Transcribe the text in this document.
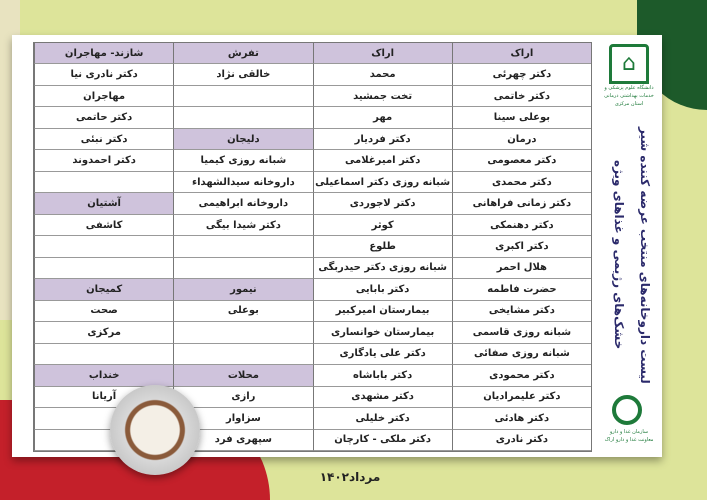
اراک
اراک
تفرش
شازند- مهاجران
دکتر چهرئی
محمد
خالقی نژاد
دکتر نادری نیا
دکتر خاتمی
تخت جمشید
مهاجران
بوعلی سینا
مهر
دکتر حاتمی
درمان
دکتر فردیار
دلیجان
دکتر نبئی
دکتر معصومی
دکتر امیرغلامی
شبانه روزی کیمیا
دکتر احمدوند
دکتر محمدی
شبانه روزی دکتر اسماعیلی
داروخانه سیدالشهداء
دکتر زمانی فراهانی
دکتر لاجوردی
داروخانه ابراهیمی
آشتیان
دکتر دهنمکی
کوثر
دکتر شیدا بیگی
کاشفی
دکتر اکبری
طلوع
هلال احمر
شبانه روزی دکتر حیدربگی
حضرت فاطمه
دکتر بابایی
نیمور
کمیجان
دکتر مشایخی
بیمارستان امیرکبیر
بوعلی
صحت
شبانه روزی قاسمی
بیمارستان خوانساری
مرکزی
شبانه روزی صفائی
دکتر علی یادگاری
دکتر محمودی
دکتر باباشاه
محلات
خنداب
دکتر علیمرادیان
دکتر مشهدی
رازی
آریانا
دکتر هادئی
دکتر خلیلی
سزاوار
دکتر نادری
دکتر ملکی - کارچان
سپهری فرد
⌂
دانشگاه علوم پزشکی و خدمات بهداشتی درمانی استان مرکزی
لیست داروخانه‌های منتخب عرضه کننده شیر خشک‌های رژیمی و غذاهای ویژه
سازمان غذا و دارو
معاونت غذا و دارو اراک
مرداد۱۴۰۲
